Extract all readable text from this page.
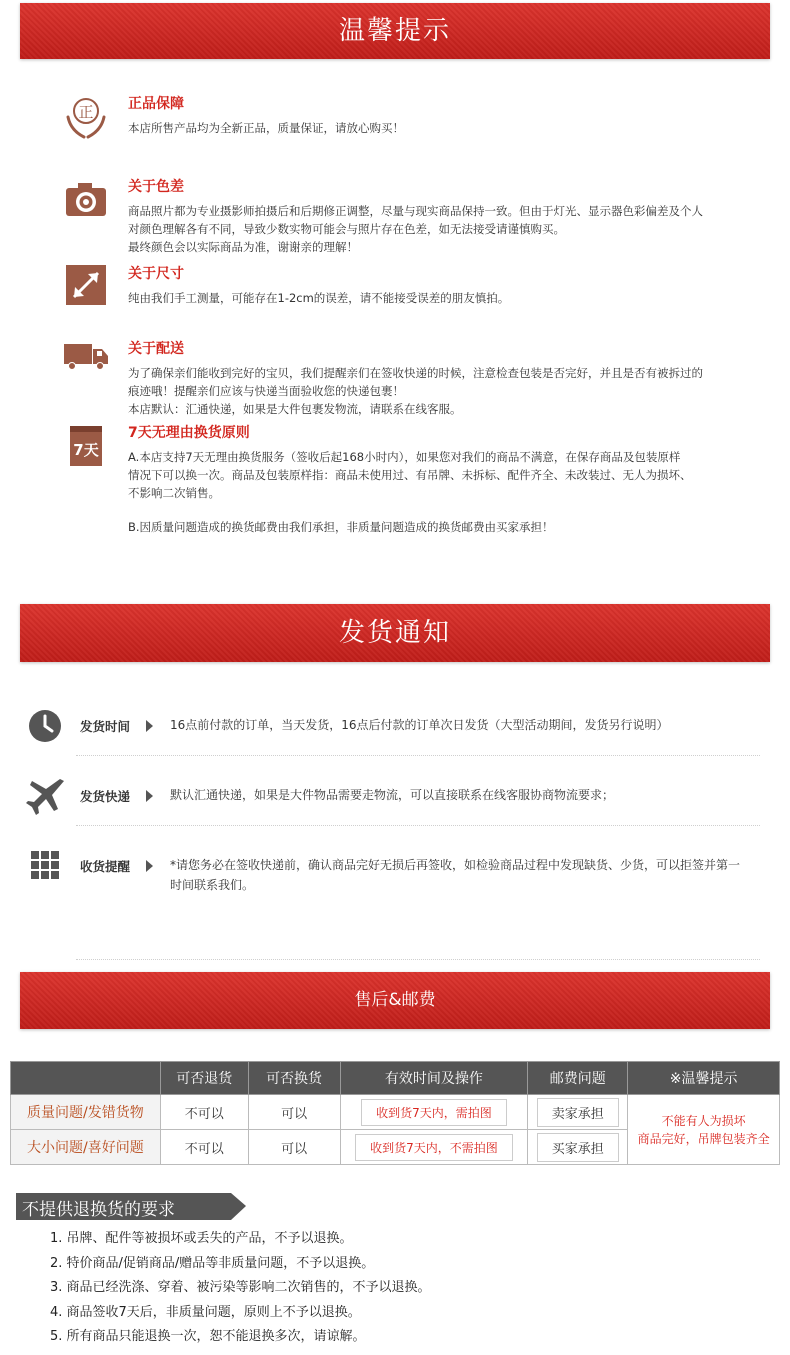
温馨提示
正 正品保障

本店所售产品均为全新正品，质量保证，请放心购买！

关于色差

商品照片都为专业摄影师拍摄后和后期修正调整，尽量与现实商品保持一致。但由于灯光、显示器色彩偏差及个人

对颜色理解各有不同，导致少数实物可能会与照片存在色差，如无法接受请谨慎购买。

最终颜色会以实际商品为准，谢谢亲的理解！

关于尺寸

纯由我们手工测量，可能存在1-2cm的误差，请不能接受误差的朋友慎拍。

关于配送

为了确保亲们能收到完好的宝贝，我们提醒亲们在签收快递的时候，注意检查包装是否完好，并且是否有被拆过的

痕迹哦！提醒亲们应该与快递当面验收您的快递包裹！

本店默认：汇通快递，如果是大件包裹发物流，请联系在线客服。

7天

7天无理由换货原则

A.本店支持7天无理由换货服务（签收后起168小时内），如果您对我们的商品不满意，在保存商品及包装原样

情况下可以换一次。商品及包装原样指：商品未使用过、有吊牌、未拆标、配件齐全、未改装过、无人为损坏、

不影响二次销售。

B.因质量问题造成的换货邮费由我们承担，非质量问题造成的换货邮费由买家承担！

发货通知
发货时间	16点前付款的订单，当天发货，16点后付款的订单次日发货（大型活动期间，发货另行说明）
发货快递	默认汇通快递，如果是大件物品需要走物流，可以直接联系在线客服协商物流要求；
收货提醒	*请您务必在签收快递前，确认商品完好无损后再签收，如检验商品过程中发现缺货、少货，可以拒签并第一时间联系我们。
售后&邮费
	可否退货	可否换货	有效时间及操作	邮费问题	※温馨提示
质量问题/发错货物	不可以	可以	收到货7天内，需拍图	卖家承担	不能有人为损坏
商品完好，吊牌包装齐全

大小问题/喜好问题	不可以	可以	收到货7天内，不需拍图	买家承担	
不提供退换货的要求
1. 吊牌、配件等被损坏或丢失的产品，不予以退换。
2. 特价商品/促销商品/赠品等非质量问题，不予以退换。
3. 商品已经洗涤、穿着、被污染等影响二次销售的，不予以退换。
4. 商品签收7天后，非质量问题，原则上不予以退换。
5. 所有商品只能退换一次，恕不能退换多次，请谅解。
